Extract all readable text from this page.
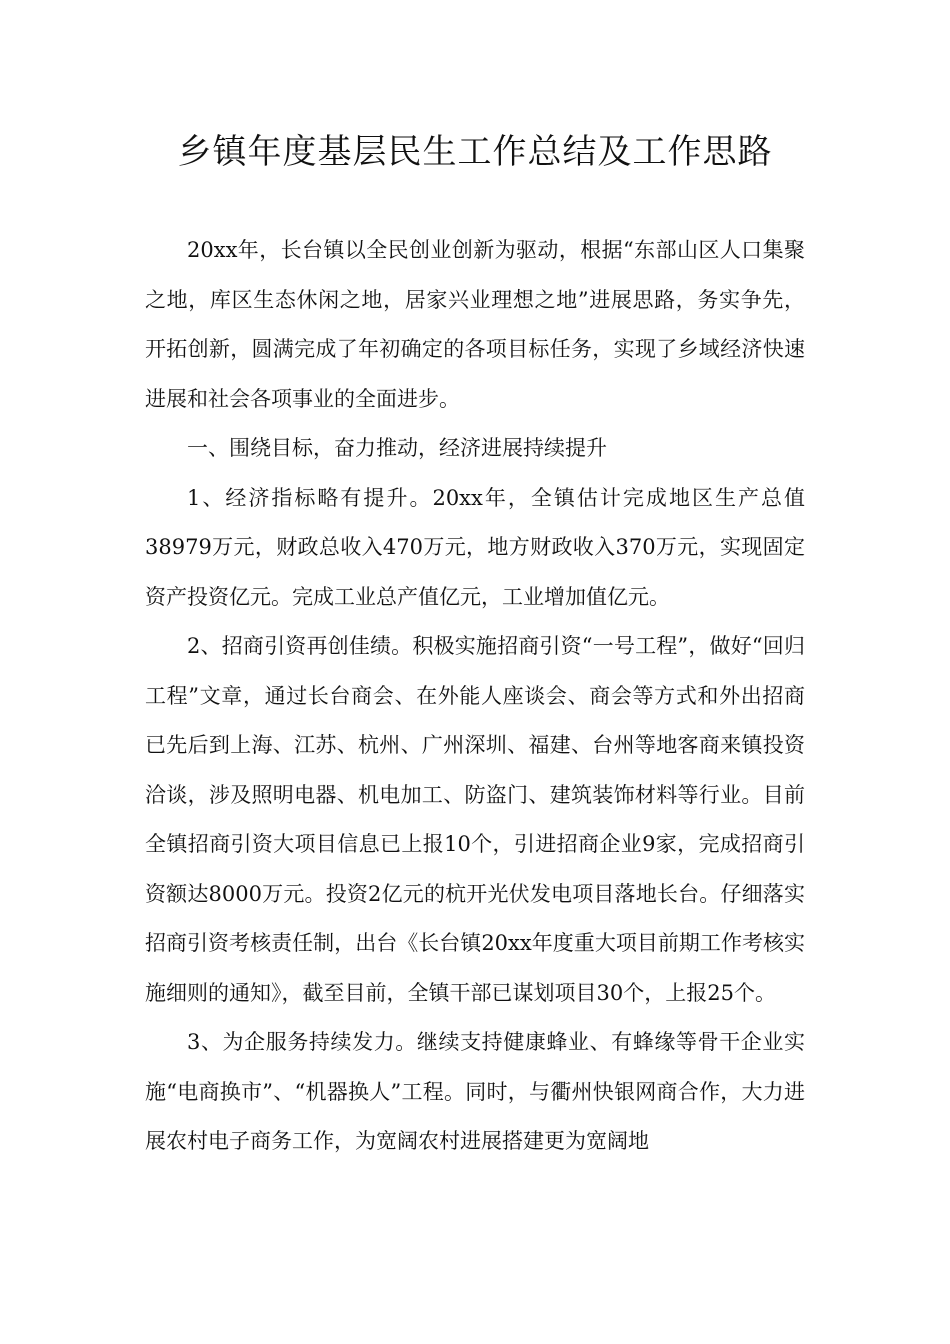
乡镇年度基层民生工作总结及工作思路

20xx年，长台镇以全民创业创新为驱动，根据“东部山区人口集聚之地，库区生态休闲之地，居家兴业理想之地”进展思路，务实争先，开拓创新，圆满完成了年初确定的各项目标任务，实现了乡域经济快速进展和社会各项事业的全面进步。

一、围绕目标，奋力推动，经济进展持续提升

1、经济指标略有提升。20xx年，全镇估计完成地区生产总值38979万元，财政总收入470万元，地方财政收入370万元，实现固定资产投资亿元。完成工业总产值亿元，工业增加值亿元。

2、招商引资再创佳绩。积极实施招商引资“一号工程”，做好“回归工程”文章，通过长台商会、在外能人座谈会、商会等方式和外出招商已先后到上海、江苏、杭州、广州深圳、福建、台州等地客商来镇投资洽谈，涉及照明电器、机电加工、防盗门、建筑装饰材料等行业。目前全镇招商引资大项目信息已上报10个，引进招商企业9家，完成招商引资额达8000万元。投资2亿元的杭开光伏发电项目落地长台。仔细落实招商引资考核责任制，出台《长台镇20xx年度重大项目前期工作考核实施细则的通知》，截至目前，全镇干部已谋划项目30个，上报25个。

3、为企服务持续发力。继续支持健康蜂业、有蜂缘等骨干企业实施“电商换市”、“机器换人”工程。同时，与衢州快银网商合作，大力进展农村电子商务工作，为宽阔农村进展搭建更为宽阔地
